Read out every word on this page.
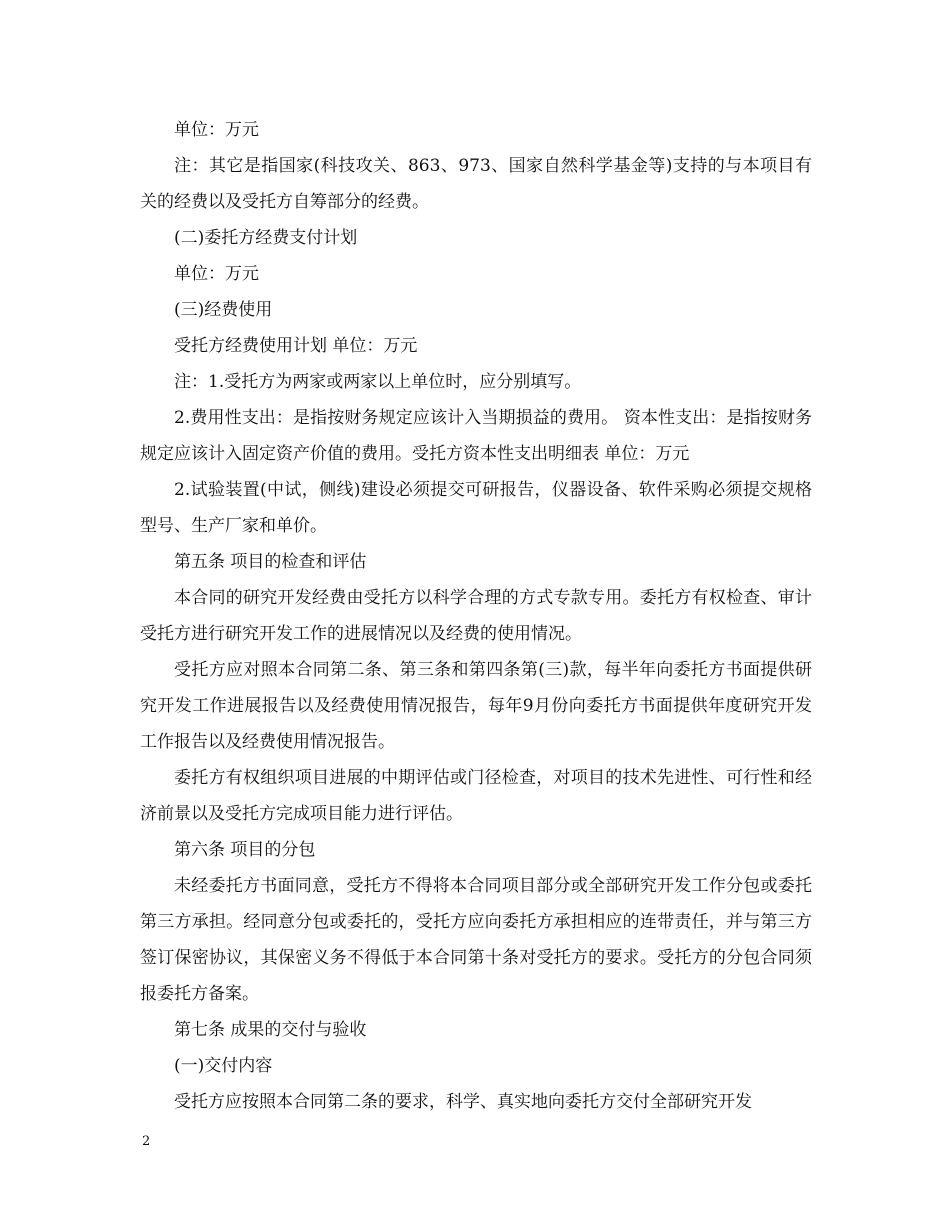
单位：万元

注：其它是指国家(科技攻关、863、973、国家自然科学基金等)支持的与本项目有关的经费以及受托方自筹部分的经费。

(二)委托方经费支付计划

单位：万元

(三)经费使用

受托方经费使用计划 单位：万元

注：1.受托方为两家或两家以上单位时，应分别填写。

2.费用性支出：是指按财务规定应该计入当期损益的费用。 资本性支出：是指按财务规定应该计入固定资产价值的费用。受托方资本性支出明细表 单位：万元

2.试验装置(中试，侧线)建设必须提交可研报告，仪器设备、软件采购必须提交规格型号、生产厂家和单价。

第五条 项目的检查和评估

本合同的研究开发经费由受托方以科学合理的方式专款专用。委托方有权检查、审计受托方进行研究开发工作的进展情况以及经费的使用情况。

受托方应对照本合同第二条、第三条和第四条第(三)款，每半年向委托方书面提供研究开发工作进展报告以及经费使用情况报告，每年9月份向委托方书面提供年度研究开发工作报告以及经费使用情况报告。

委托方有权组织项目进展的中期评估或门径检查，对项目的技术先进性、可行性和经济前景以及受托方完成项目能力进行评估。

第六条 项目的分包

未经委托方书面同意，受托方不得将本合同项目部分或全部研究开发工作分包或委托第三方承担。经同意分包或委托的，受托方应向委托方承担相应的连带责任，并与第三方签订保密协议，其保密义务不得低于本合同第十条对受托方的要求。受托方的分包合同须报委托方备案。

第七条 成果的交付与验收

(一)交付内容

受托方应按照本合同第二条的要求，科学、真实地向委托方交付全部研究开发

2
